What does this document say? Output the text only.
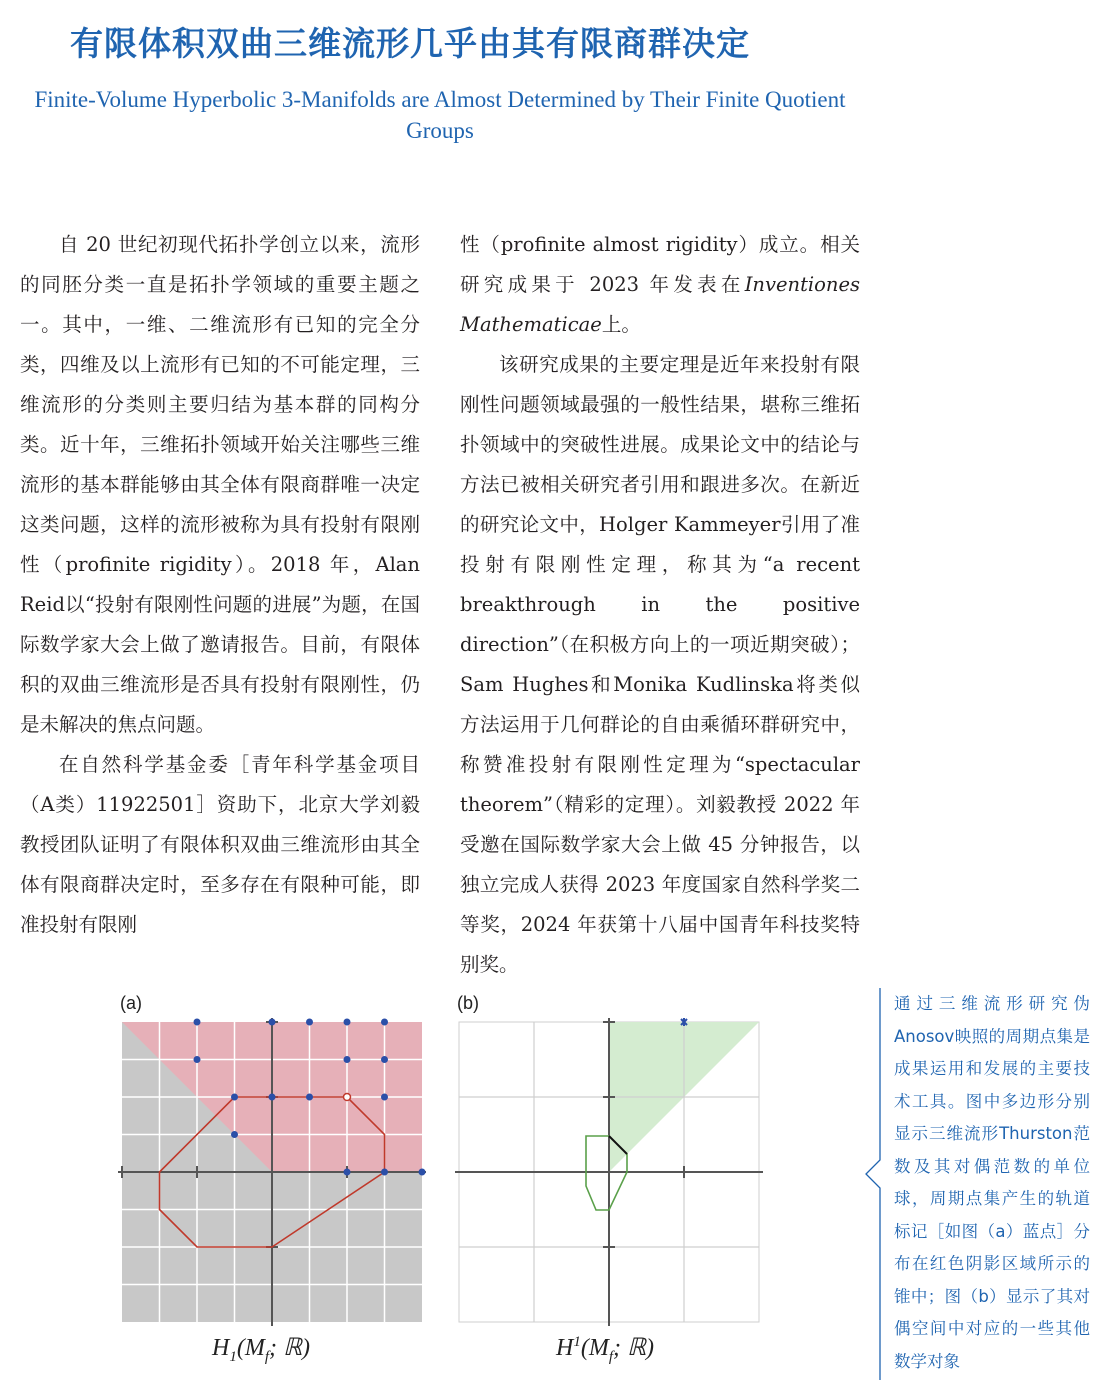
有限体积双曲三维流形几乎由其有限商群决定
Finite-Volume Hyperbolic 3-Manifolds are Almost Determined by Their Finite Quotient Groups

自 20 世纪初现代拓扑学创立以来，流形的同胚分类一直是拓扑学领域的重要主题之一。其中，一维、二维流形有已知的完全分类，四维及以上流形有已知的不可能定理，三维流形的分类则主要归结为基本群的同构分类。近十年，三维拓扑领域开始关注哪些三维流形的基本群能够由其全体有限商群唯一决定这类问题，这样的流形被称为具有投射有限刚性（profinite rigidity）。2018 年，Alan Reid以“投射有限刚性问题的进展”为题，在国际数学家大会上做了邀请报告。目前，有限体积的双曲三维流形是否具有投射有限刚性，仍是未解决的焦点问题。

在自然科学基金委［青年科学基金项目（A类）11922501］资助下，北京大学刘毅教授团队证明了有限体积双曲三维流形由其全体有限商群决定时，至多存在有限种可能，即准投射有限刚

性（profinite almost rigidity）成立。相关研究成果于 2023 年发表在Inventiones Mathematicae上。

该研究成果的主要定理是近年来投射有限刚性问题领域最强的一般性结果，堪称三维拓扑领域中的突破性进展。成果论文中的结论与方法已被相关研究者引用和跟进多次。在新近的研究论文中，Holger Kammeyer引用了准投射有限刚性定理，称其为“a recent breakthrough in the positive direction”（在积极方向上的一项近期突破）；Sam Hughes和Monika Kudlinska将类似方法运用于几何群论的自由乘循环群研究中，称赞准投射有限刚性定理为“spectacular theorem”（精彩的定理）。刘毅教授 2022 年受邀在国际数学家大会上做 45 分钟报告，以独立完成人获得 2023 年度国家自然科学奖二等奖，2024 年获第十八届中国青年科技奖特别奖。

(a)
$H_1(M_f$; ℝ)
(b)
$H^1(M_f$; ℝ)
通过三维流形研究伪Anosov映照的周期点集是成果运用和发展的主要技术工具。图中多边形分别显示三维流形Thurston范数及其对偶范数的单位球，周期点集产生的轨道标记［如图（a）蓝点］分布在红色阴影区域所示的锥中；图（b）显示了其对偶空间中对应的一些其他数学对象
